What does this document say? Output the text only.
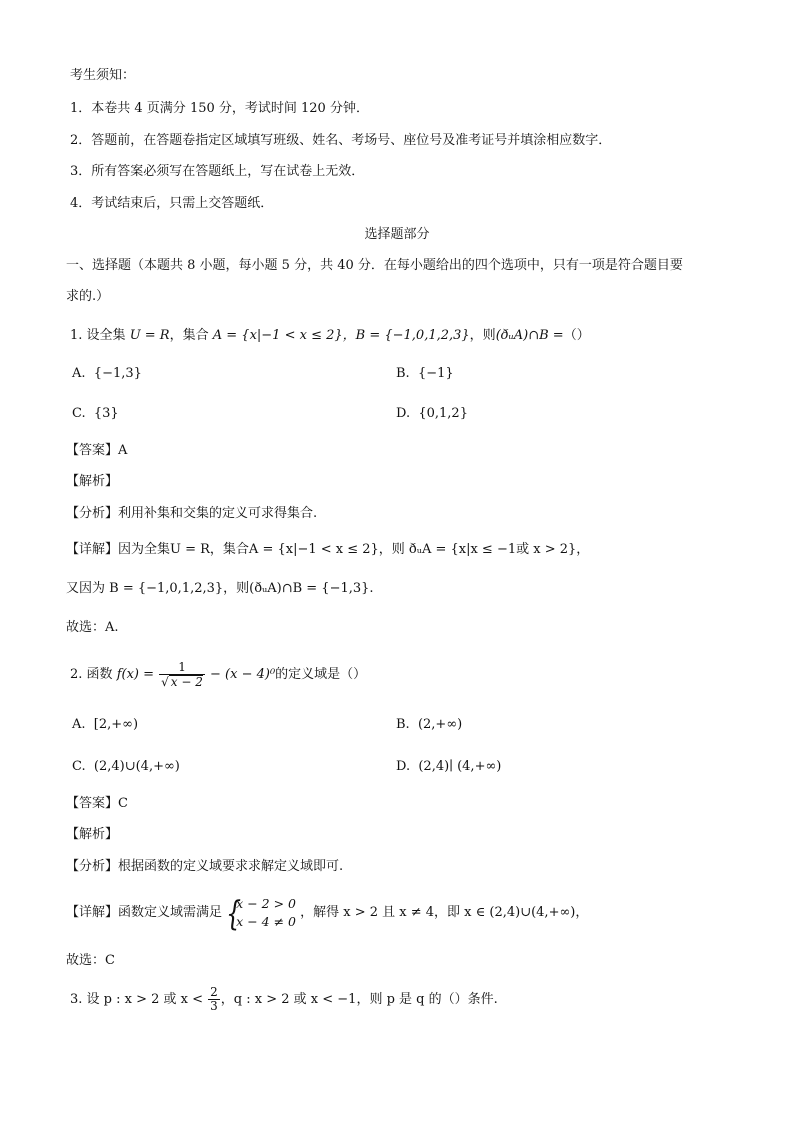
考生须知：
1．本卷共 4 页满分 150 分，考试时间 120 分钟．
2．答题前，在答题卷指定区域填写班级、姓名、考场号、座位号及准考证号并填涂相应数字．
3．所有答案必须写在答题纸上，写在试卷上无效．
4．考试结束后，只需上交答题纸．
选择题部分
一、选择题（本题共 8 小题，每小题 5 分，共 40 分．在每小题给出的四个选项中，只有一项是符合题目要
求的.）
1. 设全集 U = R，集合 A = {x|−1 < x ≤ 2}，B = {−1,0,1,2,3}，则(ðᵤA)∩B =（）
A. {−1,3}	B. {−1}
C. {3}	D. {0,1,2}
【答案】A
【解析】
【分析】利用补集和交集的定义可求得集合.
【详解】因为全集U = R，集合A = {x|−1 < x ≤ 2}，则 ðᵤA = {x|x ≤ −1或 x > 2}，
又因为 B = {−1,0,1,2,3}，则(ðᵤA)∩B = {−1,3}.
故选：A.
2. 函数 $f(x) = \frac{1}{√ x - 2} - (x - 4)^0$的定义域是（）
A. [2,+∞)	B. (2,+∞)
C. (2,4)∪(4,+∞)	D. (2,4)∣ (4,+∞)
【答案】C
【解析】
【分析】根据函数的定义域要求求解定义域即可.
【详解】函数定义域需满足
{ x − 2 > 0
x − 4 ≠ 0
，解得 x > 2 且 x ≠ 4，即 x ∈ (2,4)∪(4,+∞)，
故选：C
3. 设 p : x > 2 或 $x < \frac{2}{3}$ ，q : x > 2 或 x < −1，则 p 是 q 的（）条件.
